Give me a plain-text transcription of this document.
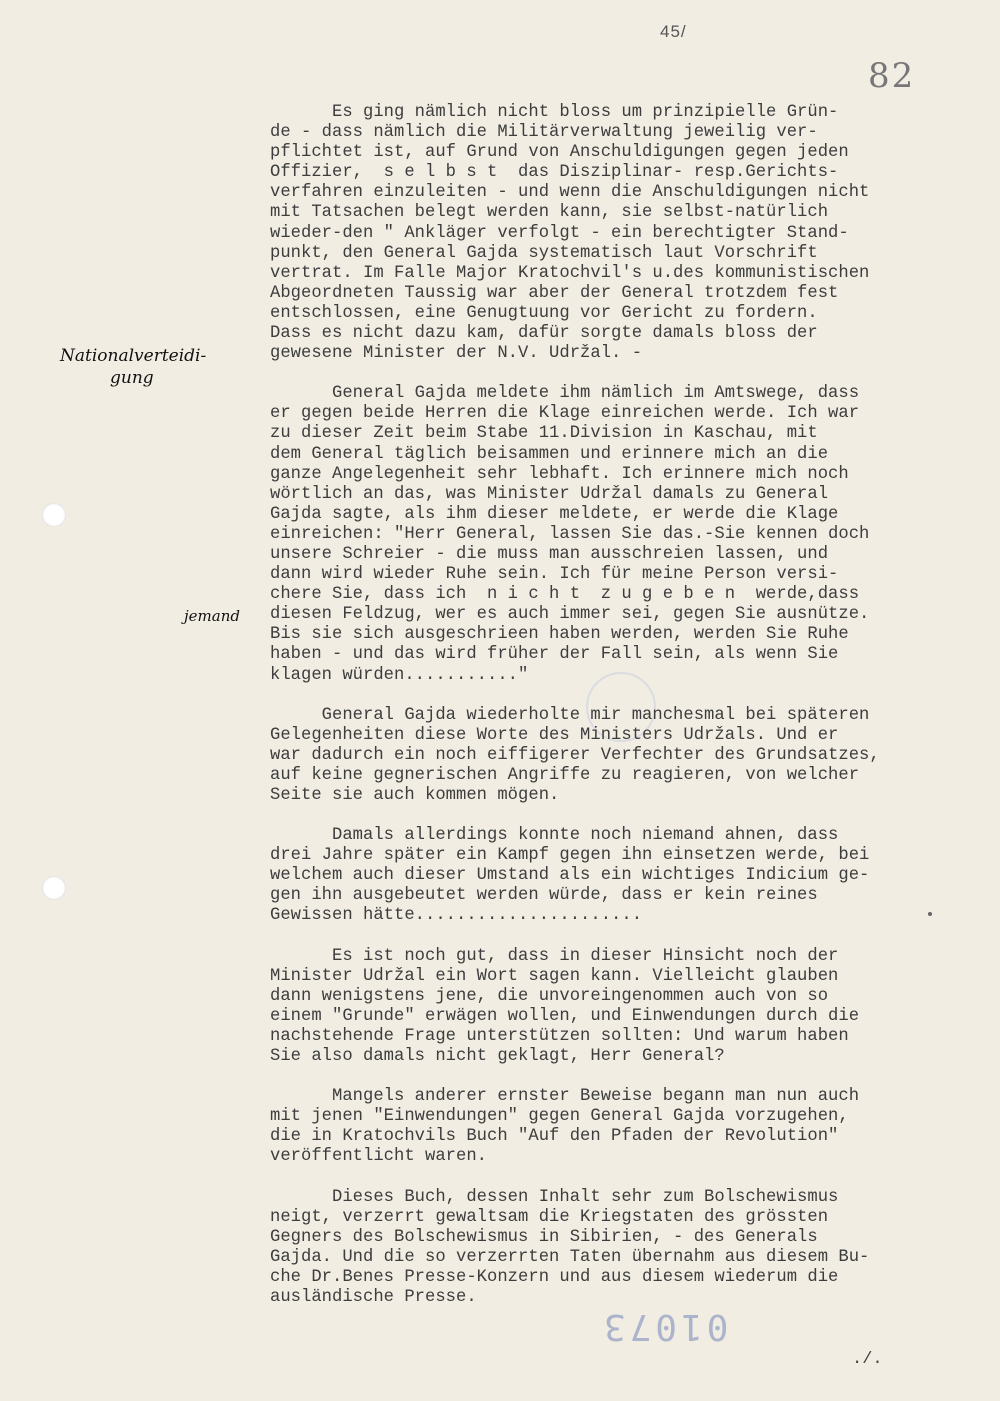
45/
82
Nationalverteidi-
gung
jemand
Es ging nämlich nicht bloss um prinzipielle Grün-
de - dass nämlich die Militärverwaltung jeweilig ver-
pflichtet ist, auf Grund von Anschuldigungen gegen jeden
Offizier,  s e l b s t  das Disziplinar- resp.Gerichts-
verfahren einzuleiten - und wenn die Anschuldigungen nicht
mit Tatsachen belegt werden kann, sie selbst-natürlich
wieder-den " Ankläger verfolgt - ein berechtigter Stand-
punkt, den General Gajda systematisch laut Vorschrift
vertrat. Im Falle Major Kratochvil's u.des kommunistischen
Abgeordneten Taussig war aber der General trotzdem fest
entschlossen, eine Genugtuung vor Gericht zu fordern.
Dass es nicht dazu kam, dafür sorgte damals bloss der
gewesene Minister der N.V. Udržal. -
General Gajda meldete ihm nämlich im Amtswege, dass
er gegen beide Herren die Klage einreichen werde. Ich war
zu dieser Zeit beim Stabe 11.Division in Kaschau, mit
dem General täglich beisammen und erinnere mich an die
ganze Angelegenheit sehr lebhaft. Ich erinnere mich noch
wörtlich an das, was Minister Udržal damals zu General
Gajda sagte, als ihm dieser meldete, er werde die Klage
einreichen: "Herr General, lassen Sie das.-Sie kennen doch
unsere Schreier - die muss man ausschreien lassen, und
dann wird wieder Ruhe sein. Ich für meine Person versi-
chere Sie, dass ich  n i c h t  z u g e b e n  werde,dass
diesen Feldzug, wer es auch immer sei, gegen Sie ausnütze.
Bis sie sich ausgeschrieen haben werden, werden Sie Ruhe
haben - und das wird früher der Fall sein, als wenn Sie
klagen würden..........."
General Gajda wiederholte mir manchesmal bei späteren
Gelegenheiten diese Worte des Ministers Udržals. Und er
war dadurch ein noch eiffigerer Verfechter des Grundsatzes,
auf keine gegnerischen Angriffe zu reagieren, von welcher
Seite sie auch kommen mögen.
Damals allerdings konnte noch niemand ahnen, dass
drei Jahre später ein Kampf gegen ihn einsetzen werde, bei
welchem auch dieser Umstand als ein wichtiges Indicium ge-
gen ihn ausgebeutet werden würde, dass er kein reines
Gewissen hätte......................
Es ist noch gut, dass in dieser Hinsicht noch der
Minister Udržal ein Wort sagen kann. Vielleicht glauben
dann wenigstens jene, die unvoreingenommen auch von so
einem "Grunde" erwägen wollen, und Einwendungen durch die
nachstehende Frage unterstützen sollten: Und warum haben
Sie also damals nicht geklagt, Herr General?
Mangels anderer ernster Beweise begann man nun auch
mit jenen "Einwendungen" gegen General Gajda vorzugehen,
die in Kratochvils Buch "Auf den Pfaden der Revolution"
veröffentlicht waren.
Dieses Buch, dessen Inhalt sehr zum Bolschewismus
neigt, verzerrt gewaltsam die Kriegstaten des grössten
Gegners des Bolschewismus in Sibirien, - des Generals
Gajda. Und die so verzerrten Taten übernahm aus diesem Bu-
che Dr.Benes Presse-Konzern und aus diesem wiederum die
ausländische Presse.
01073
./.
